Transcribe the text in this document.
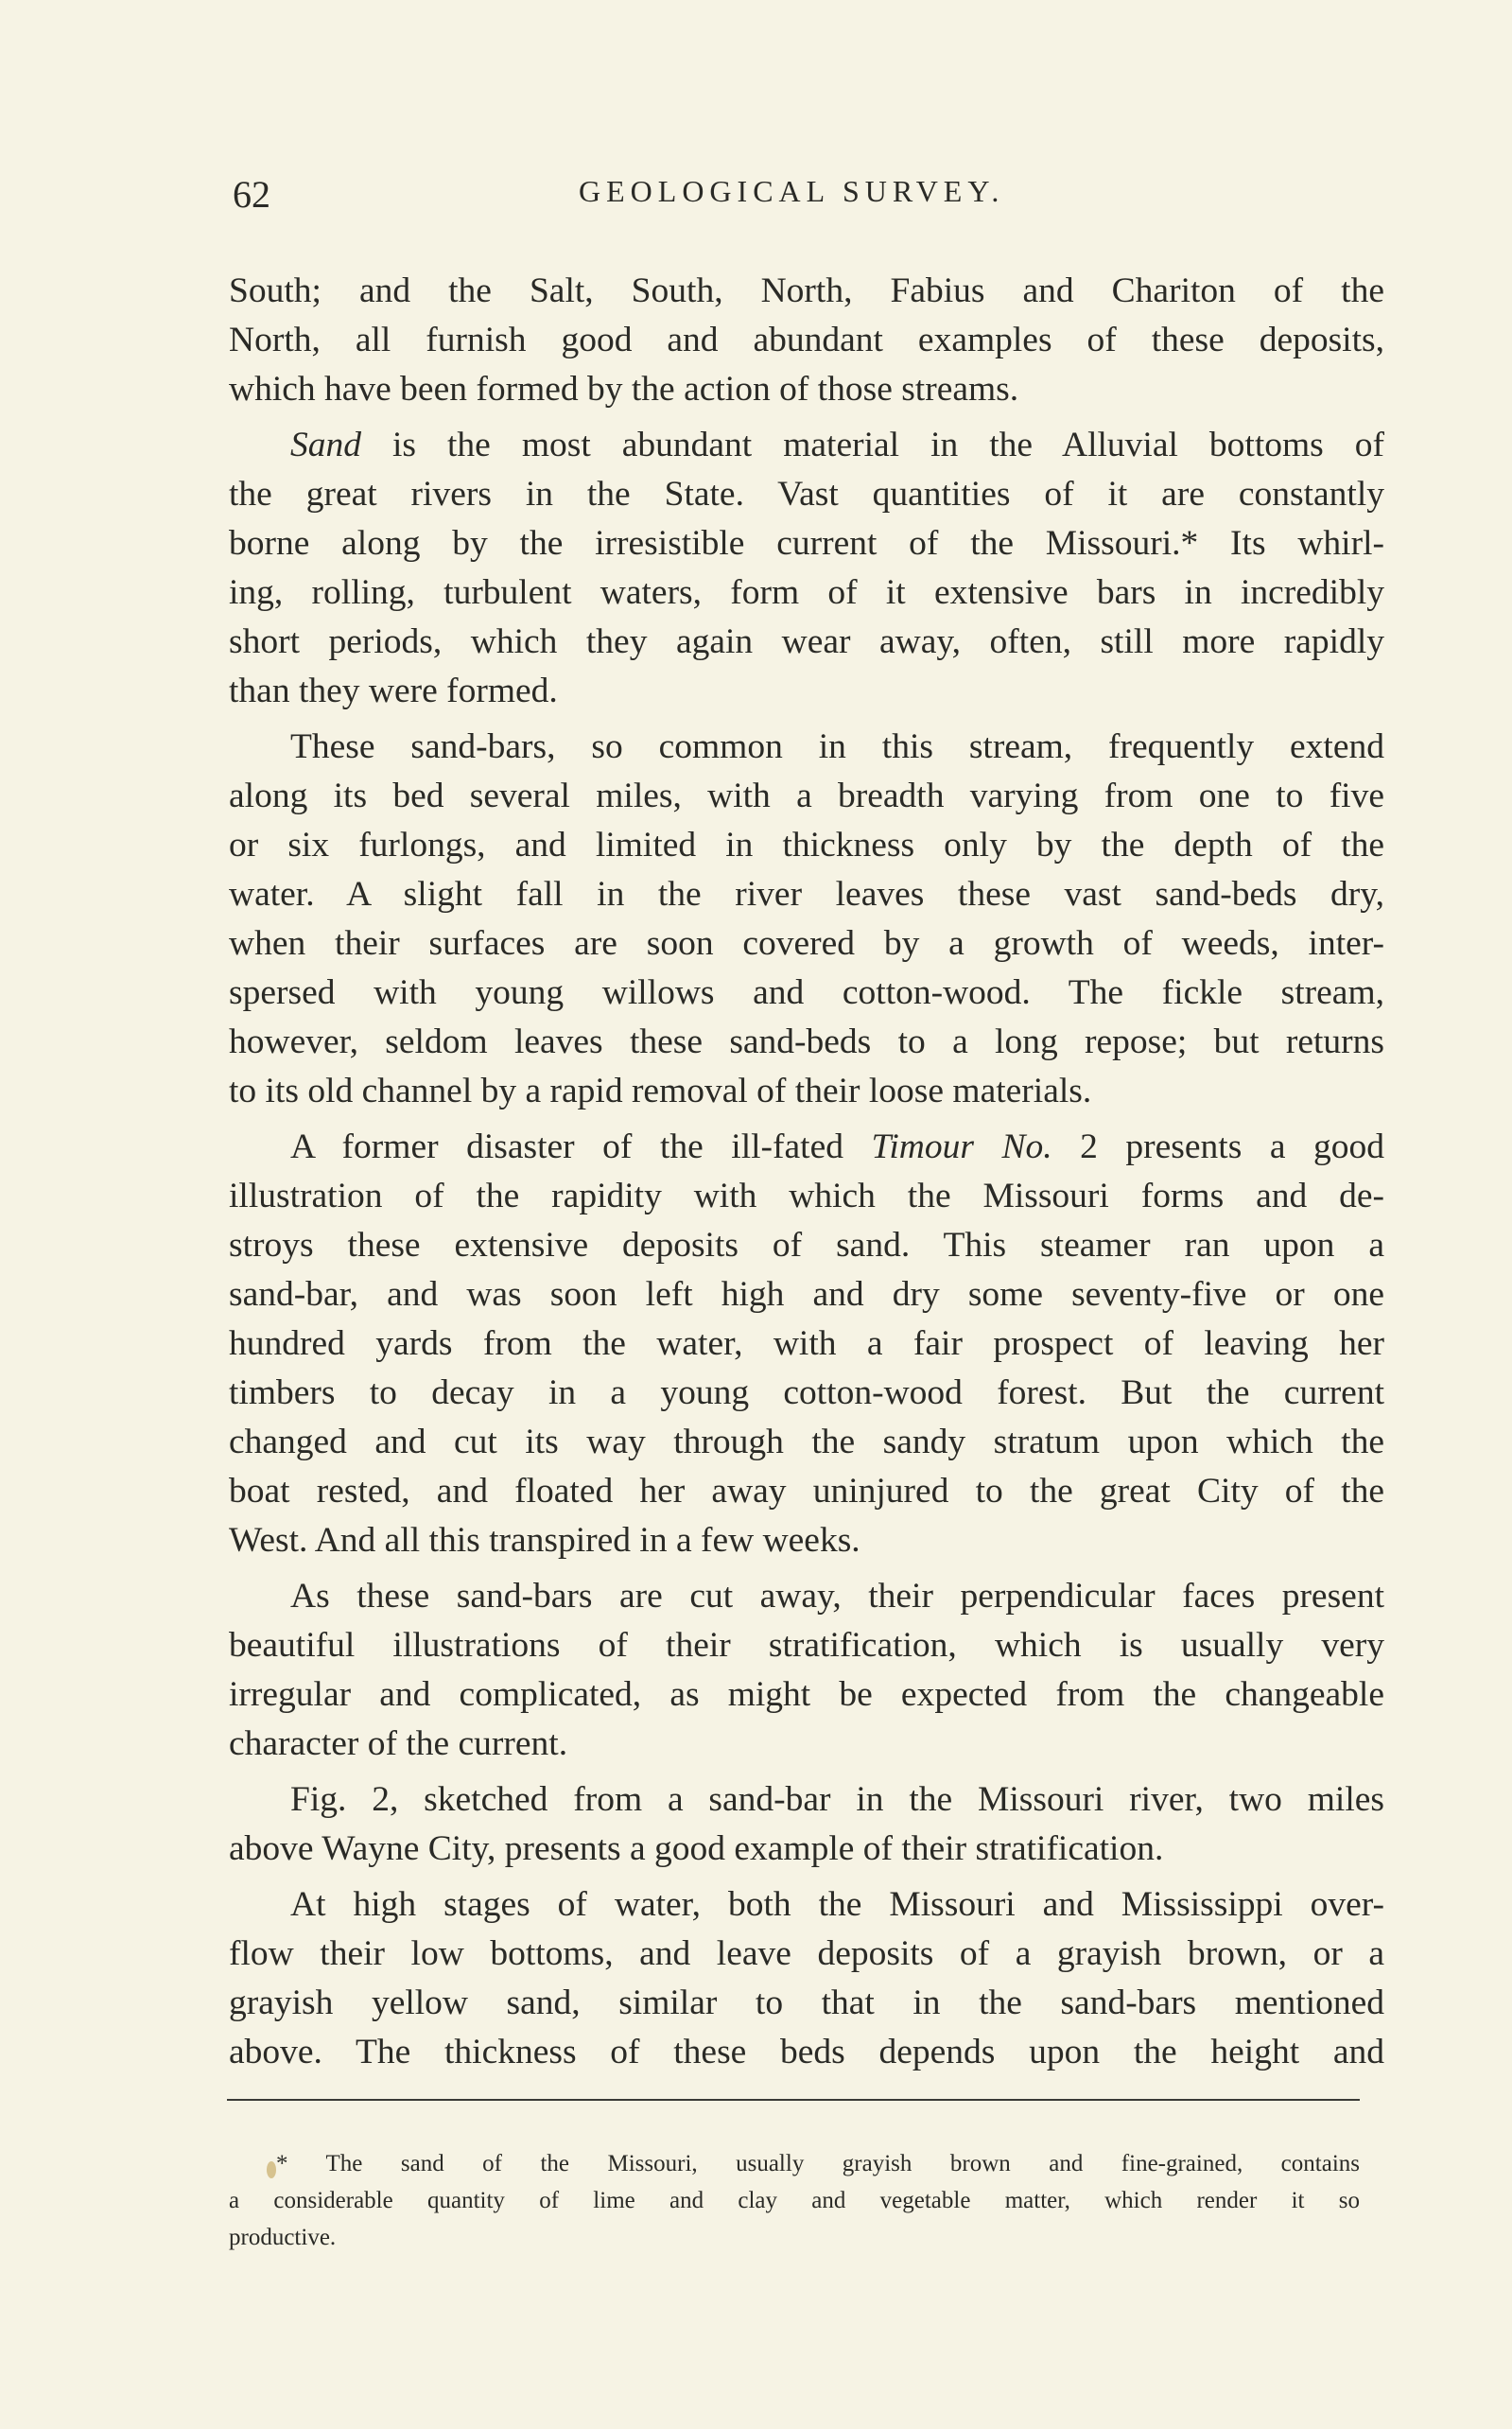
62	GEOLOGICAL SURVEY.
South; and the Salt, South, North, Fabius and Chariton of the
North, all furnish good and abundant examples of these deposits,
which have been formed by the action of those streams.
Sand is the most abundant material in the Alluvial bottoms of
the great rivers in the State. Vast quantities of it are constantly
borne along by the irresistible current of the Missouri.* Its whirl-
ing, rolling, turbulent waters, form of it extensive bars in incredibly
short periods, which they again wear away, often, still more rapidly
than they were formed.
These sand-bars, so common in this stream, frequently extend
along its bed several miles, with a breadth varying from one to five
or six furlongs, and limited in thickness only by the depth of the
water. A slight fall in the river leaves these vast sand-beds dry,
when their surfaces are soon covered by a growth of weeds, inter-
spersed with young willows and cotton-wood. The fickle stream,
however, seldom leaves these sand-beds to a long repose; but returns
to its old channel by a rapid removal of their loose materials.
A former disaster of the ill-fated Timour No. 2 presents a good
illustration of the rapidity with which the Missouri forms and de-
stroys these extensive deposits of sand. This steamer ran upon a
sand-bar, and was soon left high and dry some seventy-five or one
hundred yards from the water, with a fair prospect of leaving her
timbers to decay in a young cotton-wood forest. But the current
changed and cut its way through the sandy stratum upon which the
boat rested, and floated her away uninjured to the great City of the
West. And all this transpired in a few weeks.
As these sand-bars are cut away, their perpendicular faces present
beautiful illustrations of their stratification, which is usually very
irregular and complicated, as might be expected from the changeable
character of the current.
Fig. 2, sketched from a sand-bar in the Missouri river, two miles
above Wayne City, presents a good example of their stratification.
At high stages of water, both the Missouri and Mississippi over-
flow their low bottoms, and leave deposits of a grayish brown, or a
grayish yellow sand, similar to that in the sand-bars mentioned
above. The thickness of these beds depends upon the height and
* The sand of the Missouri, usually grayish brown and fine-grained, contains
a considerable quantity of lime and clay and vegetable matter, which render it so
productive.
